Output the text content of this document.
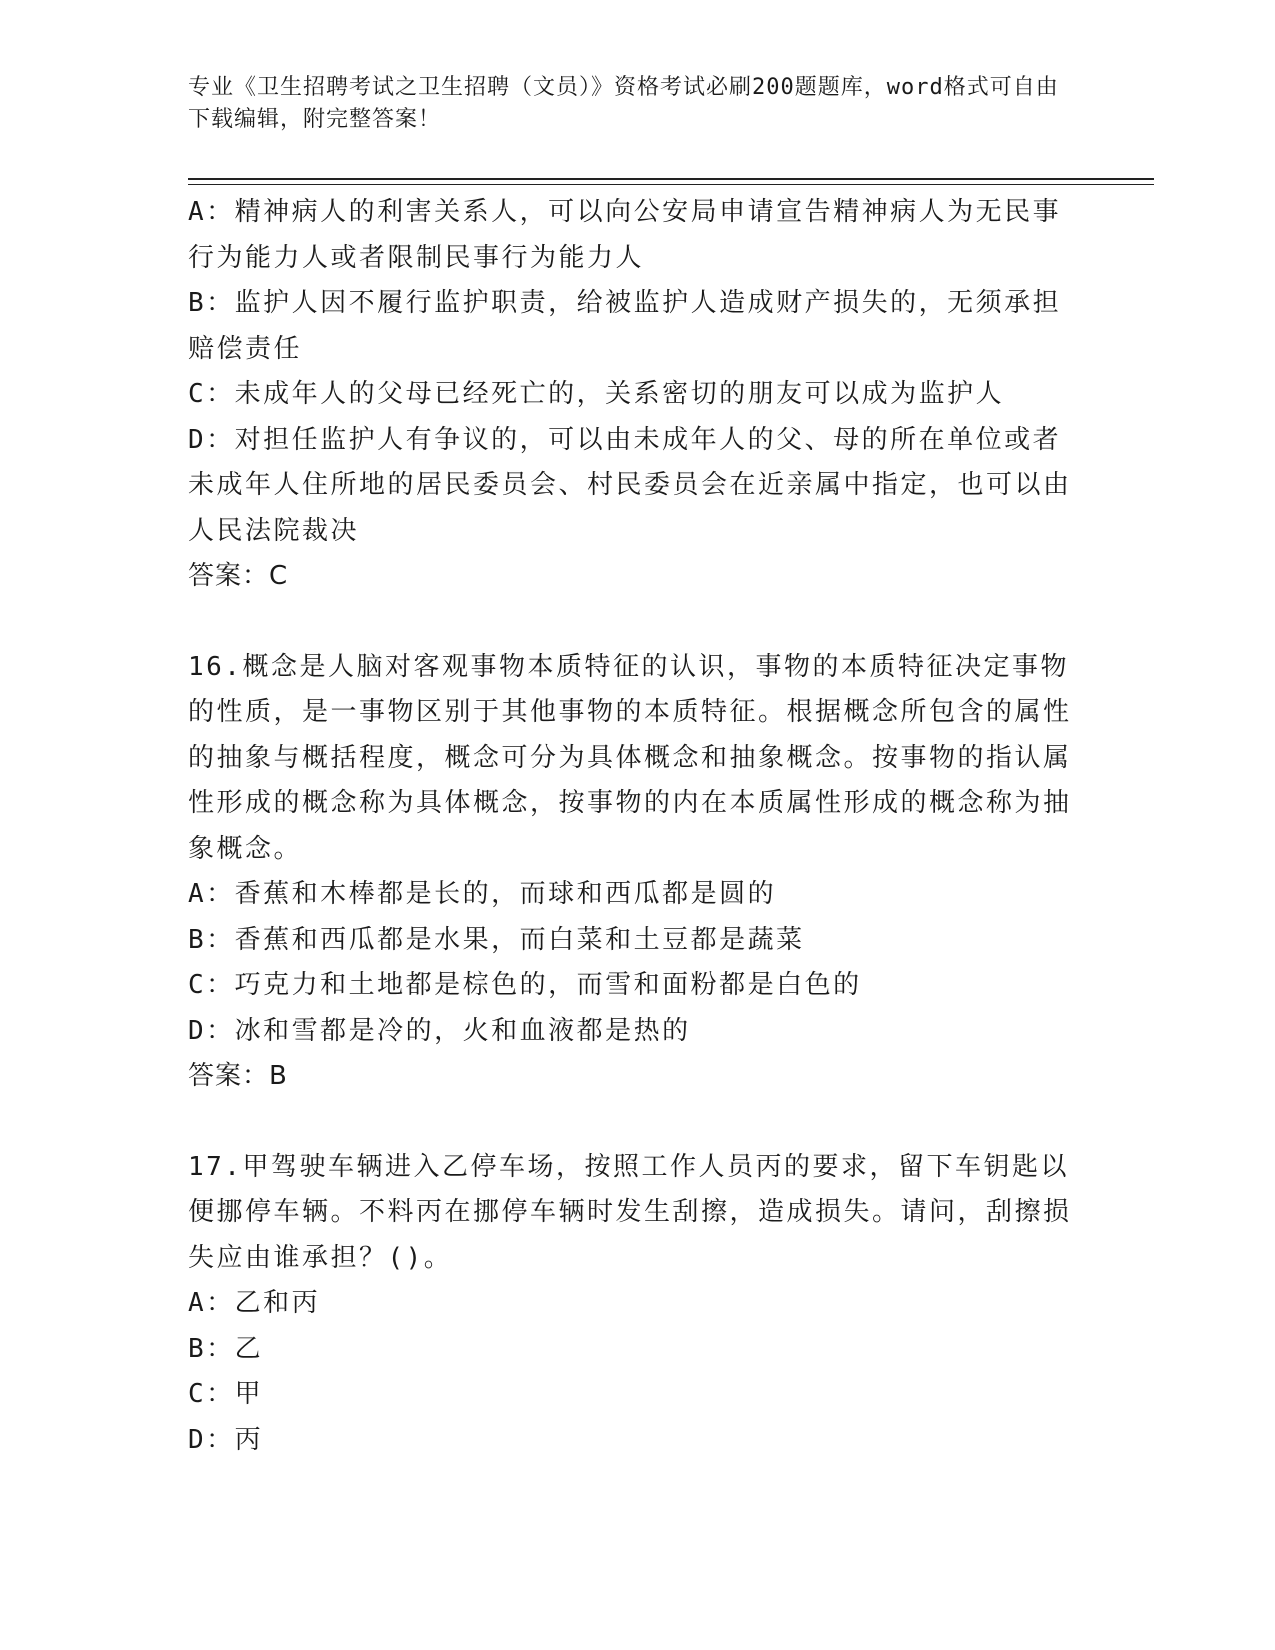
专业《卫生招聘考试之卫生招聘（文员）》资格考试必刷200题题库，word格式可自由下载编辑，附完整答案！
A：精神病人的利害关系人，可以向公安局申请宣告精神病人为无民事行为能力人或者限制民事行为能力人
B：监护人因不履行监护职责，给被监护人造成财产损失的，无须承担赔偿责任
C：未成年人的父母已经死亡的，关系密切的朋友可以成为监护人
D：对担任监护人有争议的，可以由未成年人的父、母的所在单位或者未成年人住所地的居民委员会、村民委员会在近亲属中指定，也可以由人民法院裁决
答案：C
16.概念是人脑对客观事物本质特征的认识，事物的本质特征决定事物的性质，是一事物区别于其他事物的本质特征。根据概念所包含的属性的抽象与概括程度，概念可分为具体概念和抽象概念。按事物的指认属性形成的概念称为具体概念，按事物的内在本质属性形成的概念称为抽象概念。
A：香蕉和木棒都是长的，而球和西瓜都是圆的
B：香蕉和西瓜都是水果，而白菜和土豆都是蔬菜
C：巧克力和土地都是棕色的，而雪和面粉都是白色的
D：冰和雪都是冷的，火和血液都是热的
答案：B
17.甲驾驶车辆进入乙停车场，按照工作人员丙的要求，留下车钥匙以便挪停车辆。不料丙在挪停车辆时发生刮擦，造成损失。请问，刮擦损失应由谁承担？()。
A：乙和丙
B：乙
C：甲
D：丙
